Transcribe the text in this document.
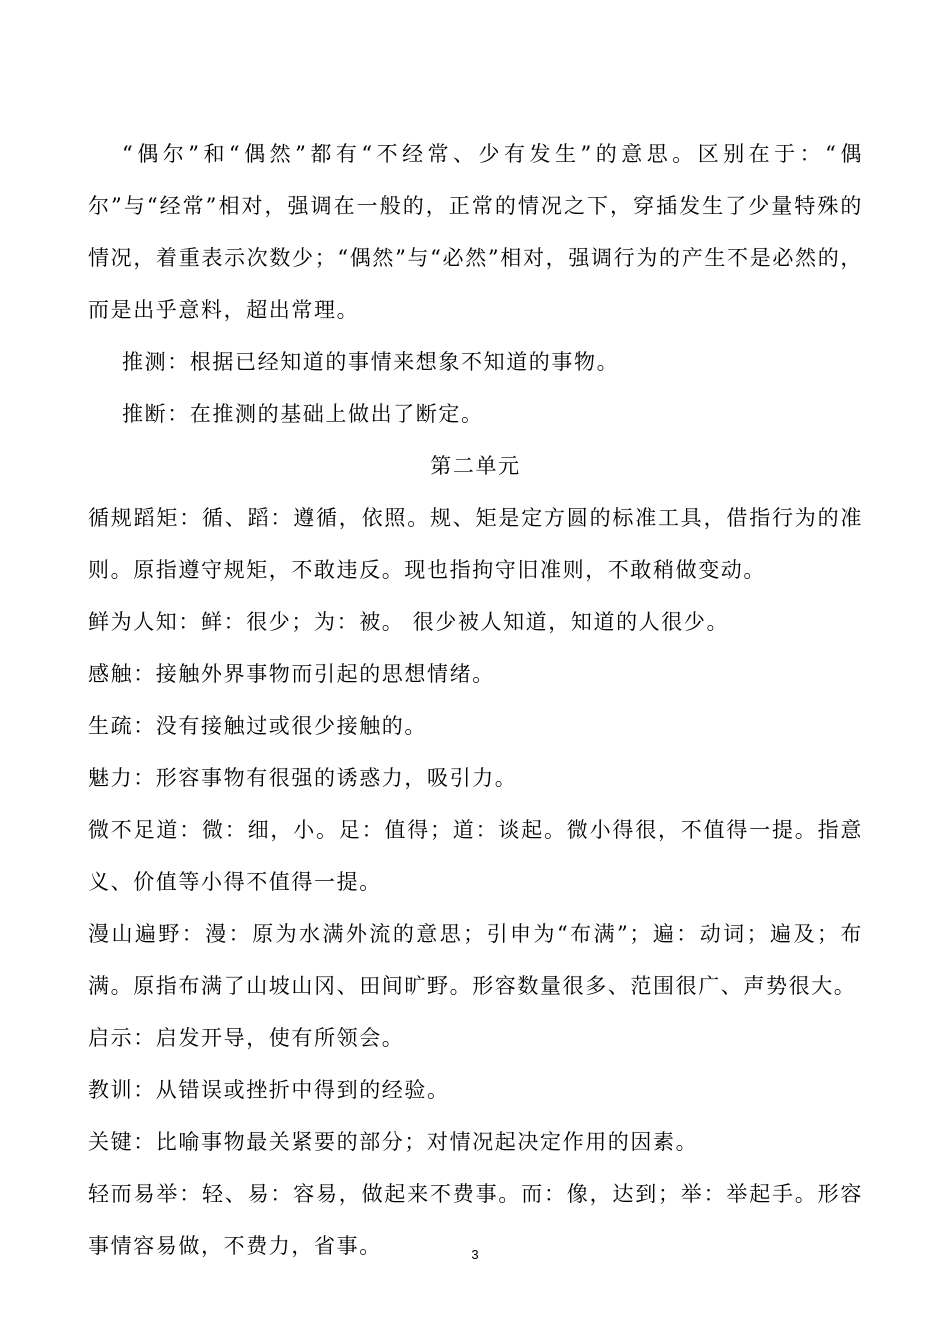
“偶尔”和“偶然”都有“不经常、少有发生”的意思。区别在于：“偶尔”与“经常”相对，强调在一般的，正常的情况之下，穿插发生了少量特殊的情况，着重表示次数少；“偶然”与“必然”相对，强调行为的产生不是必然的，而是出乎意料，超出常理。

推测：根据已经知道的事情来想象不知道的事物。

推断：在推测的基础上做出了断定。

第二单元

循规蹈矩：循、蹈：遵循，依照。规、矩是定方圆的标准工具，借指行为的准则。原指遵守规矩，不敢违反。现也指拘守旧准则，不敢稍做变动。

鲜为人知：鲜：很少；为：被。 很少被人知道，知道的人很少。

感触：接触外界事物而引起的思想情绪。

生疏：没有接触过或很少接触的。

魅力：形容事物有很强的诱惑力，吸引力。

微不足道：微：细，小。足：值得；道：谈起。微小得很，不值得一提。指意义、价值等小得不值得一提。

漫山遍野：漫：原为水满外流的意思；引申为“布满”；遍：动词；遍及；布满。原指布满了山坡山冈、田间旷野。形容数量很多、范围很广、声势很大。

启示：启发开导，使有所领会。

教训：从错误或挫折中得到的经验。

关键：比喻事物最关紧要的部分；对情况起决定作用的因素。

轻而易举：轻、易：容易，做起来不费事。而：像，达到；举：举起手。形容事情容易做，不费力，省事。	3
